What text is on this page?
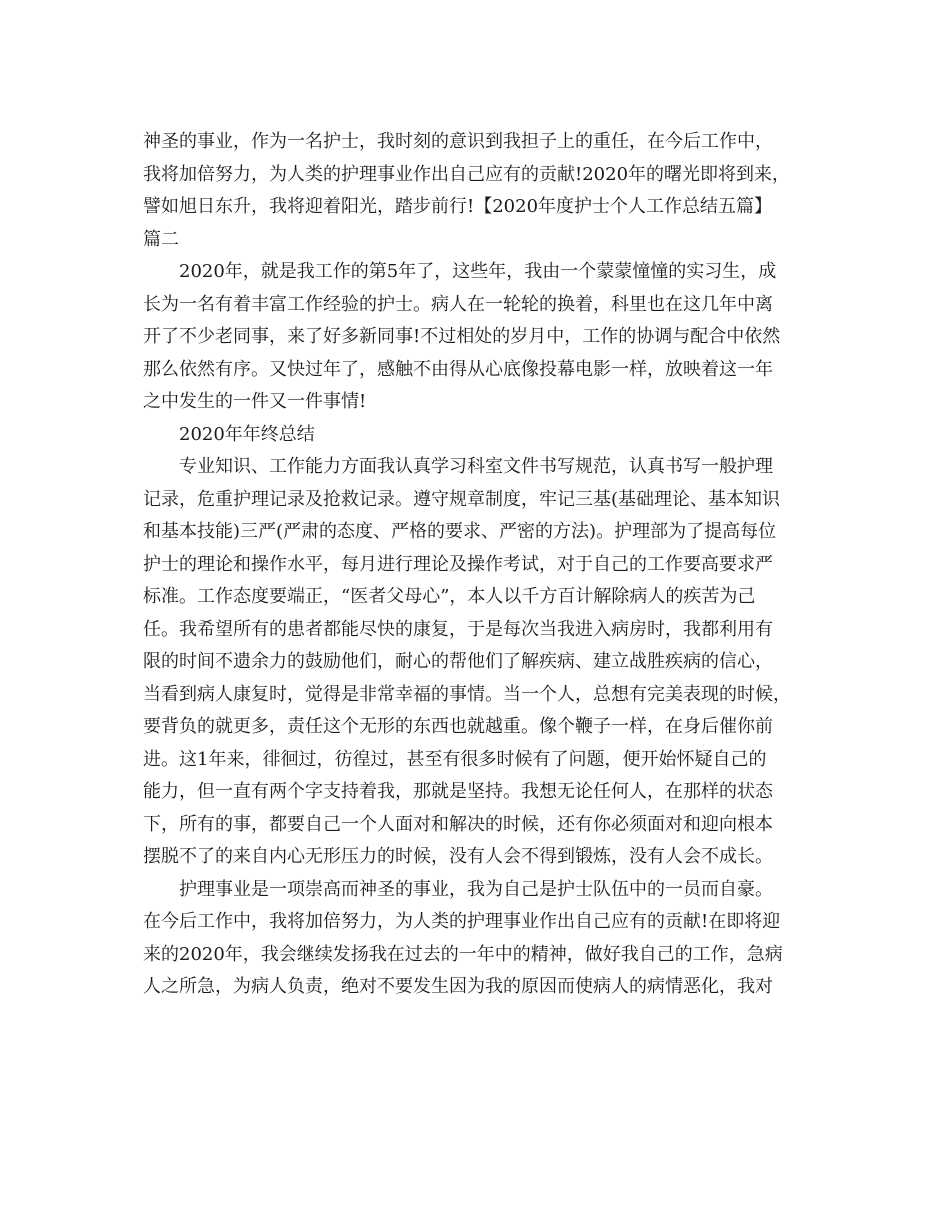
神圣的事业，作为一名护士，我时刻的意识到我担子上的重任，在今后工作中，
我将加倍努力，为人类的护理事业作出自己应有的贡献!2020年的曙光即将到来，
譬如旭日东升，我将迎着阳光，踏步前行!【2020年度护士个人工作总结五篇】
篇二
2020年，就是我工作的第5年了，这些年，我由一个蒙蒙憧憧的实习生，成
长为一名有着丰富工作经验的护士。病人在一轮轮的换着，科里也在这几年中离
开了不少老同事，来了好多新同事!不过相处的岁月中，工作的协调与配合中依然
那么依然有序。又快过年了，感触不由得从心底像投幕电影一样，放映着这一年
之中发生的一件又一件事情!
2020年年终总结
专业知识、工作能力方面我认真学习科室文件书写规范，认真书写一般护理
记录，危重护理记录及抢救记录。遵守规章制度，牢记三基(基础理论、基本知识
和基本技能)三严(严肃的态度、严格的要求、严密的方法)。护理部为了提高每位
护士的理论和操作水平，每月进行理论及操作考试，对于自己的工作要高要求严
标准。工作态度要端正，“医者父母心”，本人以千方百计解除病人的疾苦为己
任。我希望所有的患者都能尽快的康复，于是每次当我进入病房时，我都利用有
限的时间不遗余力的鼓励他们，耐心的帮他们了解疾病、建立战胜疾病的信心，
当看到病人康复时，觉得是非常幸福的事情。当一个人，总想有完美表现的时候，
要背负的就更多，责任这个无形的东西也就越重。像个鞭子一样，在身后催你前
进。这1年来，徘徊过，彷徨过，甚至有很多时候有了问题，便开始怀疑自己的
能力，但一直有两个字支持着我，那就是坚持。我想无论任何人，在那样的状态
下，所有的事，都要自己一个人面对和解决的时候，还有你必须面对和迎向根本
摆脱不了的来自内心无形压力的时候，没有人会不得到锻炼，没有人会不成长。
护理事业是一项崇高而神圣的事业，我为自己是护士队伍中的一员而自豪。
在今后工作中，我将加倍努力，为人类的护理事业作出自己应有的贡献!在即将迎
来的2020年，我会继续发扬我在过去的一年中的精神，做好我自己的工作，急病
人之所急，为病人负责，绝对不要发生因为我的原因而使病人的病情恶化，我对
